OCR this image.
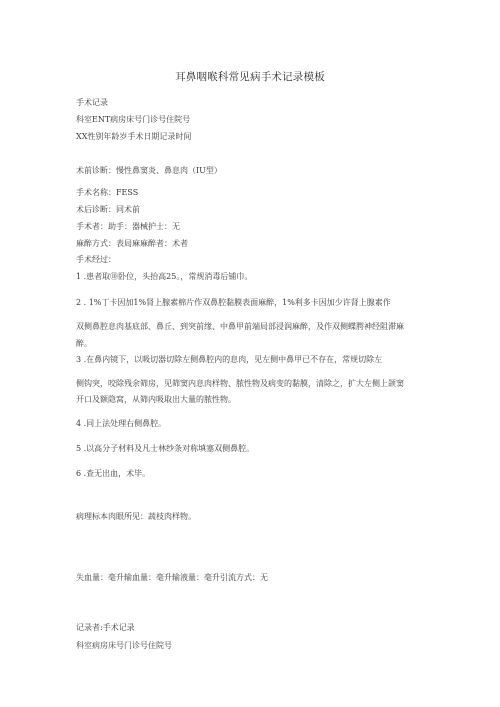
耳鼻咽喉科常见病手术记录模板
手术记录
科室ENT病房床号门诊号住院号
XX性别年龄岁手术日期记录时间
术前诊断：慢性鼻窦炎、鼻息肉（IU型）
手术名称：FESS
术后诊断：同术前
手术者：助手：器械护士：无
麻醉方式：表局麻麻醉者：术者
手术经过：
1 .患者取⑩卧位，头抬高25。，常规消毒后铺巾。
2 . 1%丁卡因加1%肾上腺素棉片作双鼻腔黏膜表面麻醉，1%利多卡因加少许肾上腺素作
双侧鼻腔息肉基底部、鼻丘、到突前缘、中鼻甲前端局部浸润麻醉，及作双侧蝶腭神经阻滞麻
醉。
3 .在鼻内镜下，以吸切器切除左侧鼻腔内的息肉，见左侧中鼻甲已不存在，常规切除左
侧钩突，咬除残余筛房，见筛窦内息肉样物、脓性物及病变的黏膜，清除之，扩大左侧上颌窦
开口及额隐窝，从筛内吸取出大量的脓性物。
4 .同上法处理右侧鼻腔。
5 .以高分子材料及凡士林纱条对称填塞双侧鼻腔。
6 .查无出血，术毕。
病理标本肉眼所见：蔬枝肉样物。
失血量：毫升输血量：毫升输液量：毫升引流方式：无
记录者:手术记录
科室病房床号门诊号住院号
